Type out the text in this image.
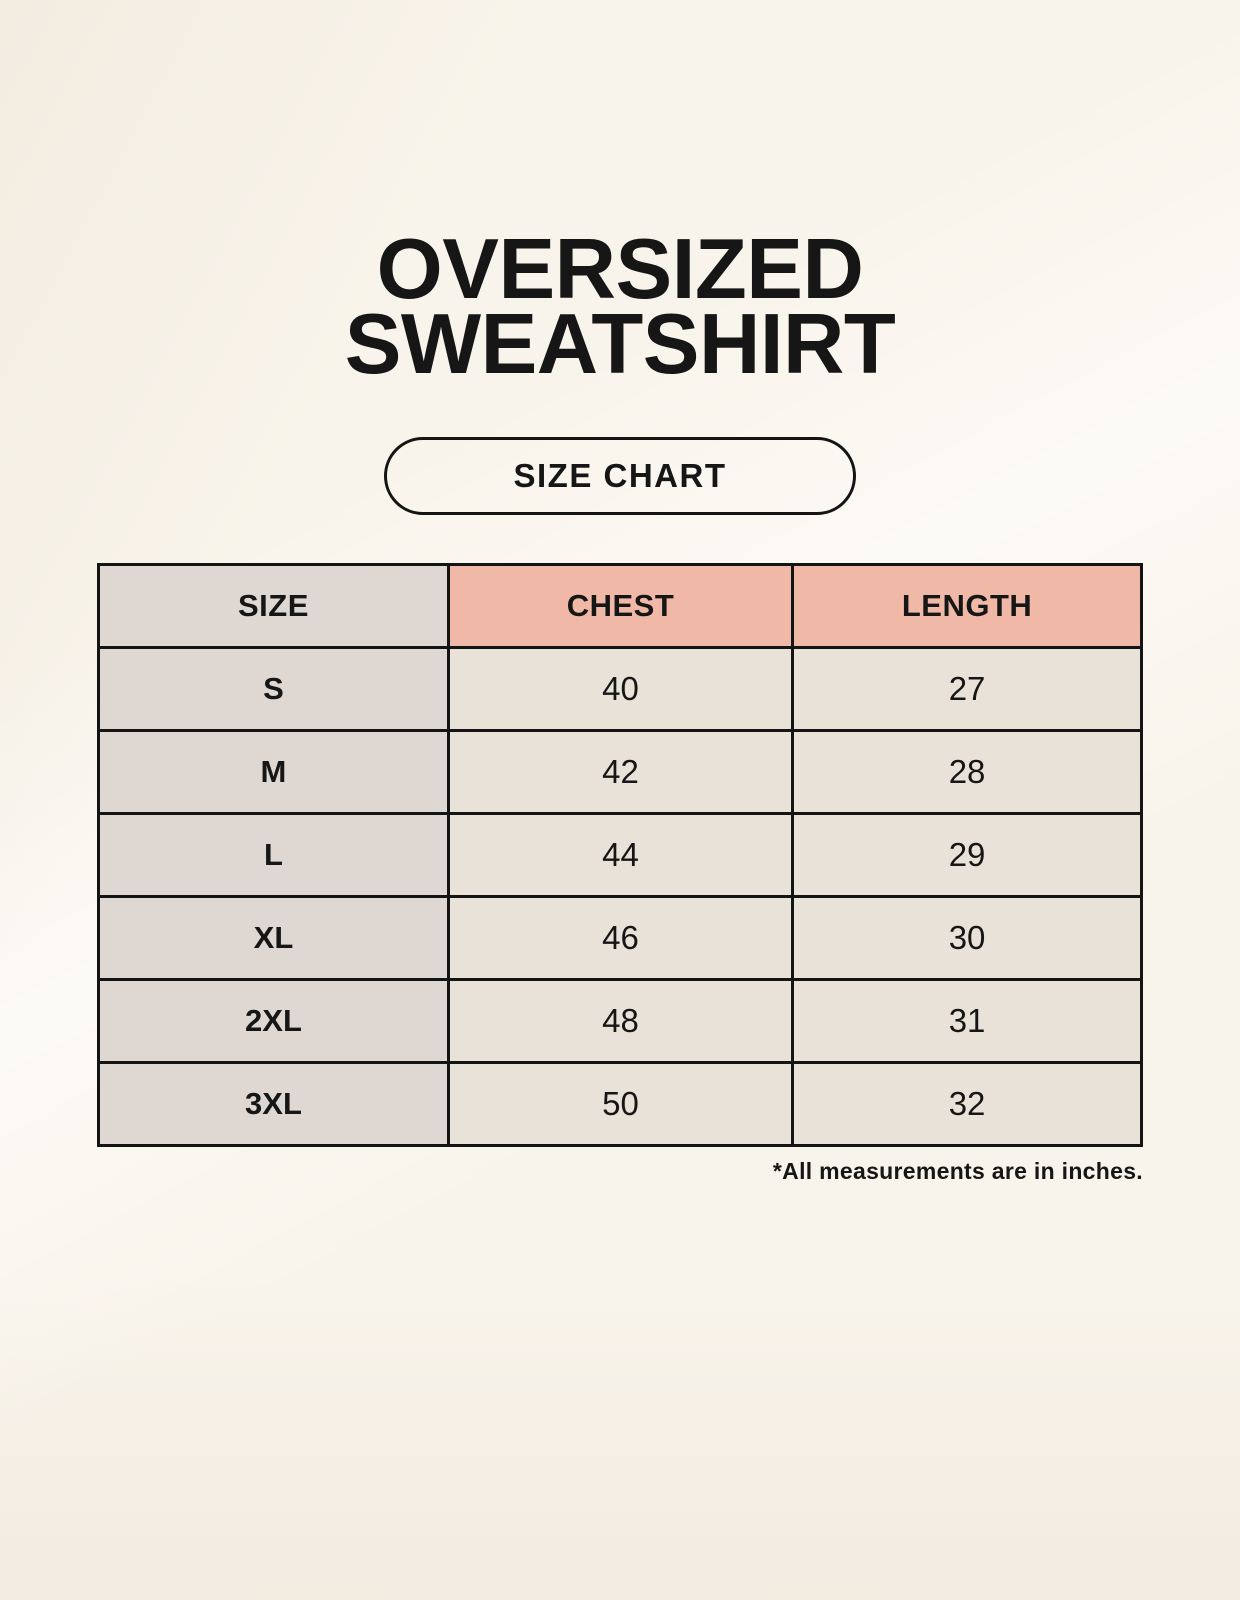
OVERSIZED
SWEATSHIRT
SIZE CHART
SIZE	CHEST	LENGTH
S	40	27
M	42	28
L	44	29
XL	46	30
2XL	48	31
3XL	50	32
*All measurements are in inches.
